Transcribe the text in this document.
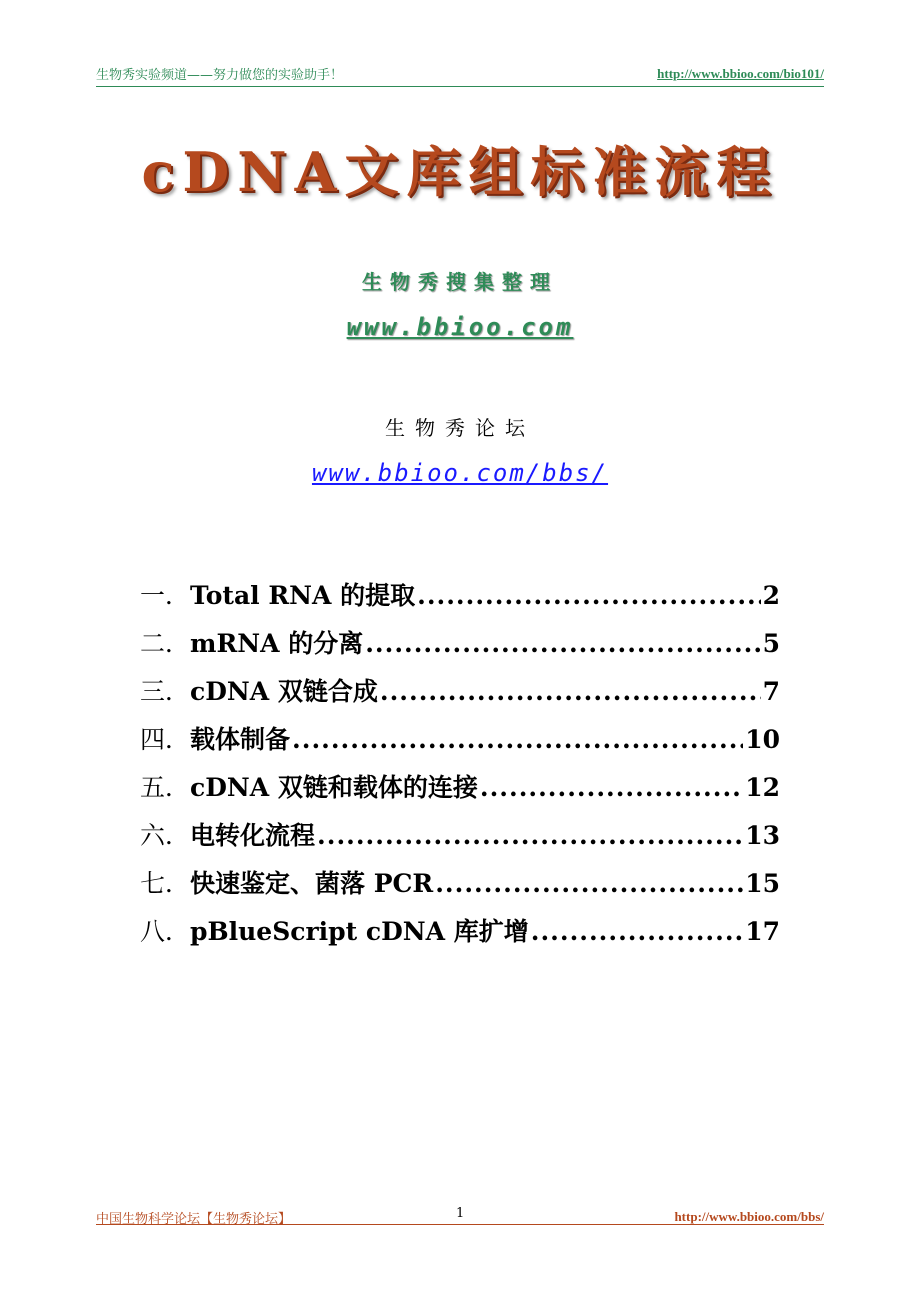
生物秀实验频道——努力做您的实验助手！	http://www.bbioo.com/bio101/
cDNA文库组标准流程
生物秀搜集整理
www.bbioo.com
生物秀论坛
www.bbioo.com/bbs/
一． Total RNA 的提取 .....	2
二． mRNA 的分离 .....	5
三． cDNA 双链合成 .....	7
四． 载体制备 .....	10
五． cDNA 双链和载体的连接 .....	12
六． 电转化流程 .....	13
七． 快速鉴定、菌落 PCR .....	15
八． pBlueScript cDNA 库扩增 .....	17
中国生物科学论坛【生物秀论坛】	1	http://www.bbioo.com/bbs/
